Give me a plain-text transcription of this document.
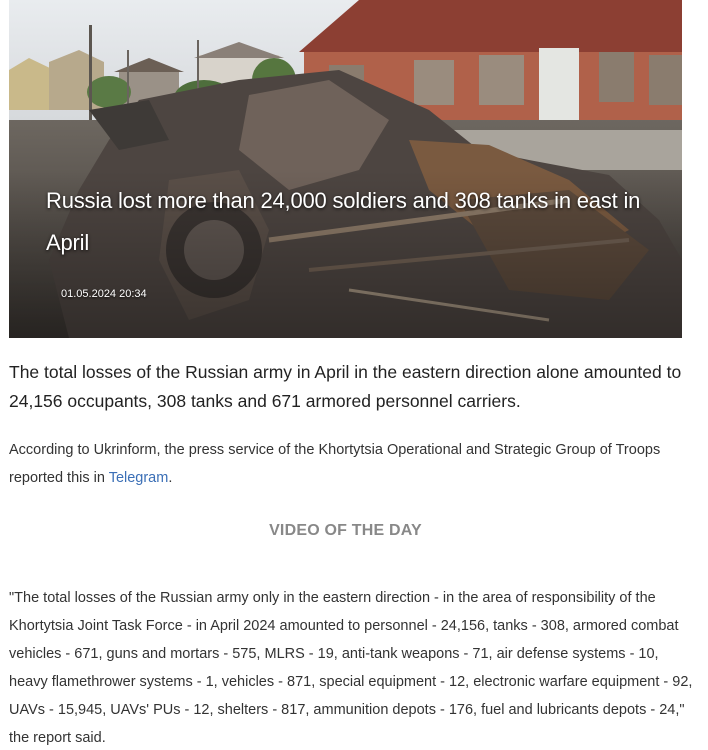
Russia lost more than 24,000 soldiers and 308 tanks in east in April
01.05.2024 20:34

The total losses of the Russian army in April in the eastern direction alone amounted to 24,156 occupants, 308 tanks and 671 armored personnel carriers.

According to Ukrinform, the press service of the Khortytsia Operational and Strategic Group of Troops reported this in Telegram.

VIDEO OF THE DAY

"The total losses of the Russian army only in the eastern direction - in the area of responsibility of the Khortytsia Joint Task Force - in April 2024 amounted to personnel - 24,156, tanks - 308, armored combat vehicles - 671, guns and mortars - 575, MLRS - 19, anti-tank weapons - 71, air defense systems - 10, heavy flamethrower systems - 1, vehicles - 871, special equipment - 12, electronic warfare equipment - 92, UAVs - 15,945, UAVs' PUs - 12, shelters - 817, ammunition depots - 176, fuel and lubricants depots - 24," the report said.
